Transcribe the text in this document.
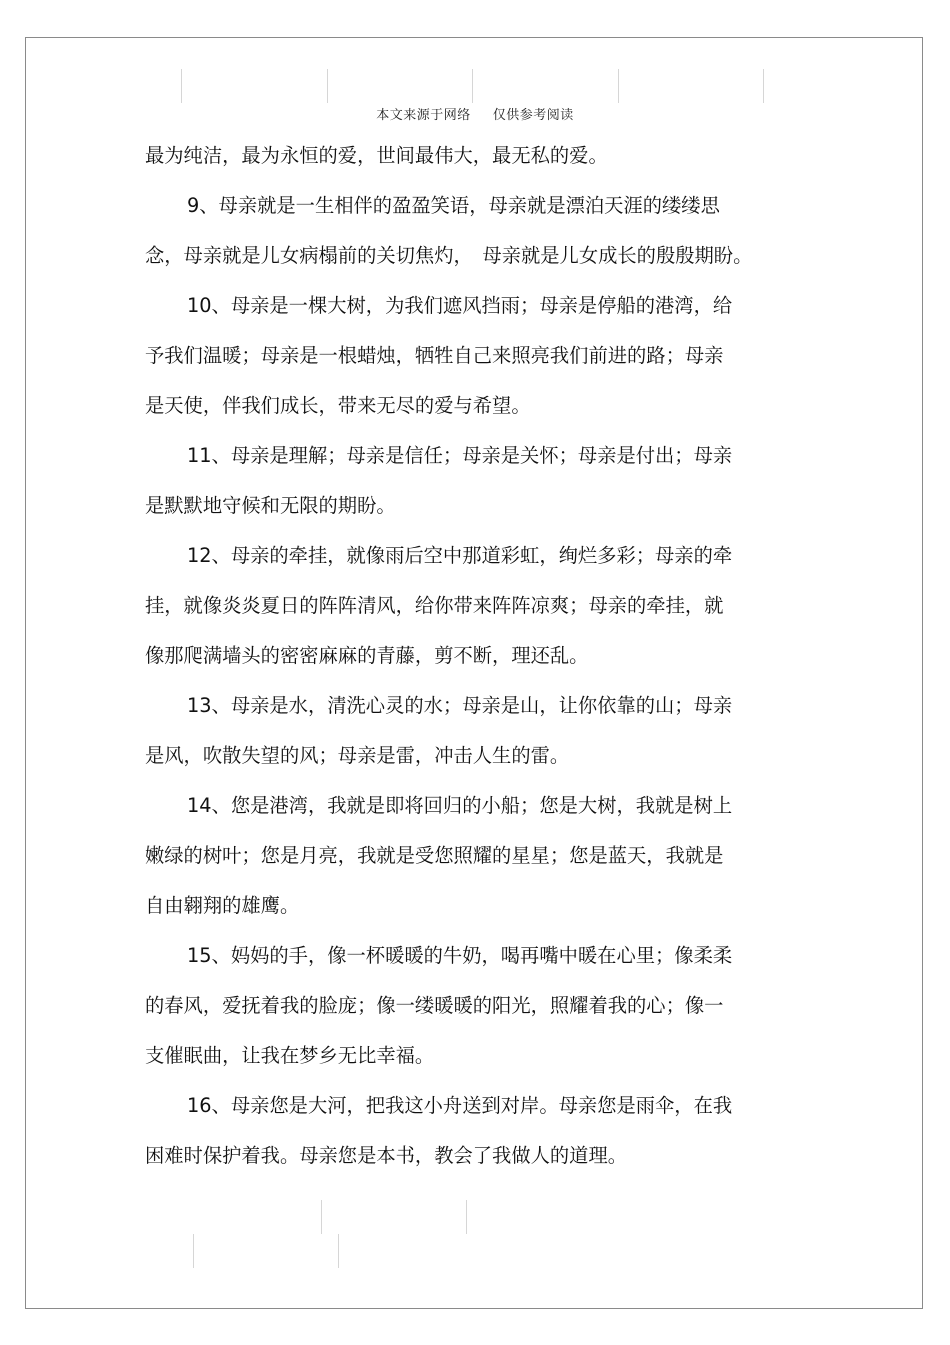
本文来源于网络 仅供参考阅读
最为纯洁，最为永恒的爱，世间最伟大，最无私的爱。
9、母亲就是一生相伴的盈盈笑语，母亲就是漂泊天涯的缕缕思
念，母亲就是儿女病榻前的关切焦灼，　母亲就是儿女成长的殷殷期盼。
10、母亲是一棵大树，为我们遮风挡雨；母亲是停船的港湾，给
予我们温暖；母亲是一根蜡烛，牺牲自己来照亮我们前进的路；母亲
是天使，伴我们成长，带来无尽的爱与希望。
11、母亲是理解；母亲是信任；母亲是关怀；母亲是付出；母亲
是默默地守候和无限的期盼。
12、母亲的牵挂，就像雨后空中那道彩虹，绚烂多彩；母亲的牵
挂，就像炎炎夏日的阵阵清风，给你带来阵阵凉爽；母亲的牵挂，就
像那爬满墙头的密密麻麻的青藤，剪不断，理还乱。
13、母亲是水，清洗心灵的水；母亲是山，让你依靠的山；母亲
是风，吹散失望的风；母亲是雷，冲击人生的雷。
14、您是港湾，我就是即将回归的小船；您是大树，我就是树上
嫩绿的树叶；您是月亮，我就是受您照耀的星星；您是蓝天，我就是
自由翱翔的雄鹰。
15、妈妈的手，像一杯暖暖的牛奶，喝再嘴中暖在心里；像柔柔
的春风，爱抚着我的脸庞；像一缕暖暖的阳光，照耀着我的心；像一
支催眠曲，让我在梦乡无比幸福。
16、母亲您是大河，把我这小舟送到对岸。母亲您是雨伞，在我
困难时保护着我。母亲您是本书，教会了我做人的道理。
